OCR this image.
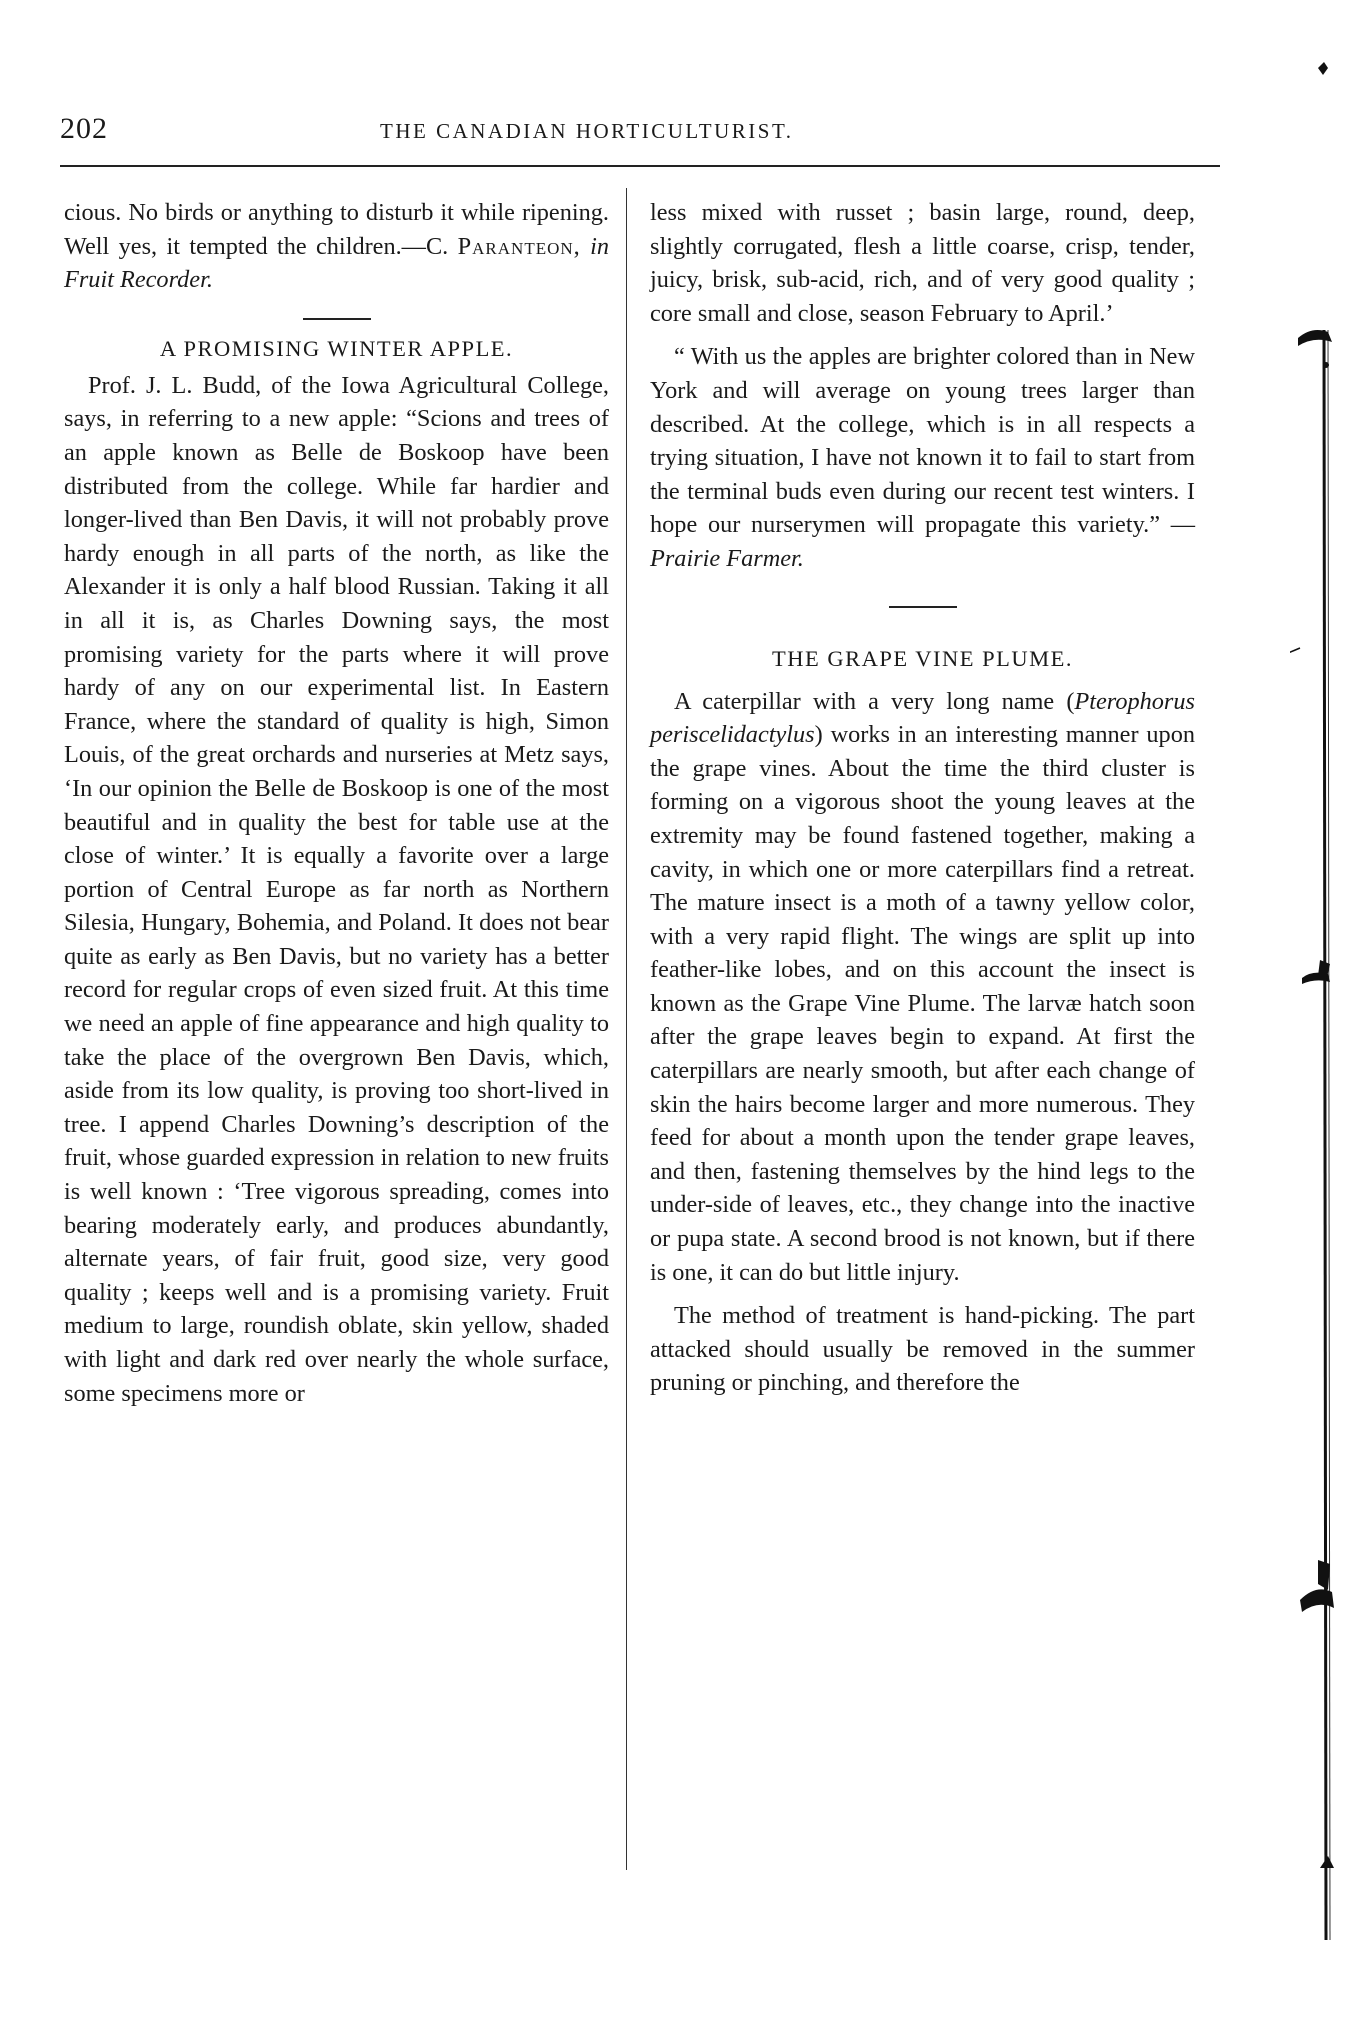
202	THE CANADIAN HORTICULTURIST.

cious. No birds or anything to disturb it while ripening. Well yes, it tempted the children.—C. Paranteon, in Fruit Recorder.

A PROMISING WINTER APPLE.

Prof. J. L. Budd, of the Iowa Agricultural College, says, in referring to a new apple: “Scions and trees of an apple known as Belle de Boskoop have been distributed from the college. While far hardier and longer-lived than Ben Davis, it will not probably prove hardy enough in all parts of the north, as like the Alexander it is only a half blood Russian. Taking it all in all it is, as Charles Downing says, the most promising variety for the parts where it will prove hardy of any on our experimental list. In Eastern France, where the standard of quality is high, Simon Louis, of the great orchards and nurseries at Metz says, ‘In our opinion the Belle de Boskoop is one of the most beautiful and in quality the best for table use at the close of winter.’ It is equally a favorite over a large portion of Central Europe as far north as Northern Silesia, Hungary, Bohemia, and Poland. It does not bear quite as early as Ben Davis, but no variety has a better record for regular crops of even sized fruit. At this time we need an apple of fine appearance and high quality to take the place of the overgrown Ben Davis, which, aside from its low quality, is proving too short-lived in tree. I append Charles Downing’s description of the fruit, whose guarded expression in relation to new fruits is well known : ‘Tree vigorous spreading, comes into bearing moderately early, and produces abundantly, alternate years, of fair fruit, good size, very good quality ; keeps well and is a promising variety. Fruit medium to large, roundish oblate, skin yellow, shaded with light and dark red over nearly the whole surface, some specimens more or

less mixed with russet ; basin large, round, deep, slightly corrugated, flesh a little coarse, crisp, tender, juicy, brisk, sub-acid, rich, and of very good quality ; core small and close, season February to April.’

“ With us the apples are brighter colored than in New York and will average on young trees larger than described. At the college, which is in all respects a trying situation, I have not known it to fail to start from the terminal buds even during our recent test winters. I hope our nurserymen will propagate this variety.” — Prairie Farmer.

THE GRAPE VINE PLUME.

A caterpillar with a very long name (Pterophorus periscelidactylus) works in an interesting manner upon the grape vines. About the time the third cluster is forming on a vigorous shoot the young leaves at the extremity may be found fastened together, making a cavity, in which one or more caterpillars find a retreat. The mature insect is a moth of a tawny yellow color, with a very rapid flight. The wings are split up into feather-like lobes, and on this account the insect is known as the Grape Vine Plume. The larvæ hatch soon after the grape leaves begin to expand. At first the caterpillars are nearly smooth, but after each change of skin the hairs become larger and more numerous. They feed for about a month upon the tender grape leaves, and then, fastening themselves by the hind legs to the under-side of leaves, etc., they change into the inactive or pupa state. A second brood is not known, but if there is one, it can do but little injury.

The method of treatment is hand-picking. The part attacked should usually be removed in the summer pruning or pinching, and therefore the
